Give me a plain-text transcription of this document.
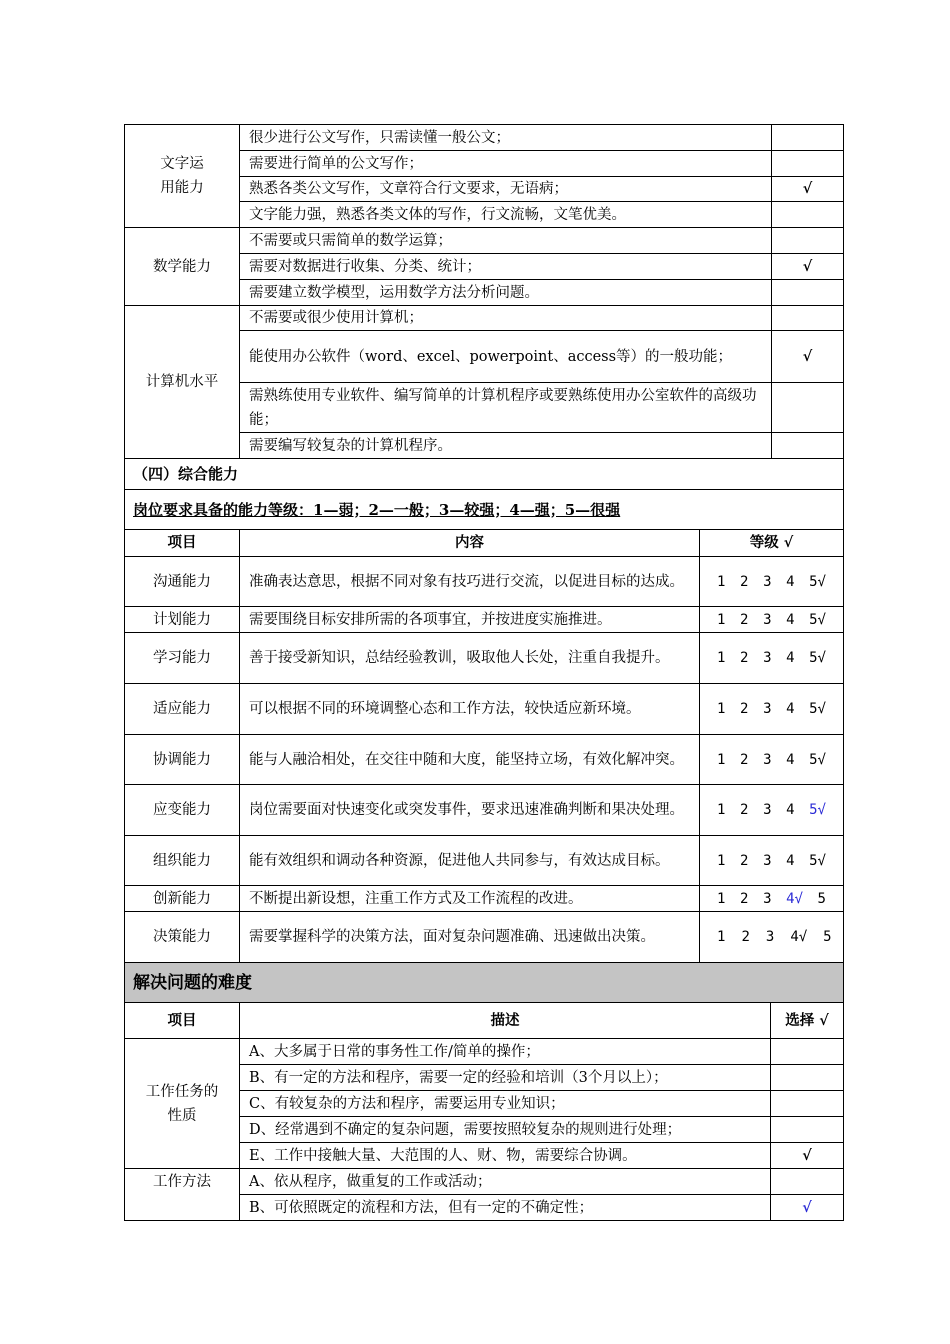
文字运
用能力	很少进行公文写作，只需读懂一般公文；		
	需要进行简单的公文写作；		
	熟悉各类公文写作，文章符合行文要求，无语病；		√
	文字能力强，熟悉各类文体的写作，行文流畅，文笔优美。		
数学能力	不需要或只需简单的数学运算；		
	需要对数据进行收集、分类、统计；		√
	需要建立数学模型，运用数学方法分析问题。		
计算机水平	不需要或很少使用计算机；		
	能使用办公软件（word、excel、powerpoint、access等）的一般功能；		√
	需熟练使用专业软件、编写简单的计算机程序或要熟练使用办公室软件的高级功能；		
	需要编写较复杂的计算机程序。		
（四）综合能力			
岗位要求具备的能力等级：1—弱；2—一般；3—较强；4—强；5—很强			
项目	内容	等级 √	
沟通能力	准确表达意思，根据不同对象有技巧进行交流，以促进目标的达成。	1 2 3 4 5√	

计划能力	需要围绕目标安排所需的各项事宜，并按进度实施推进。	1 2 3 4 5√	

学习能力	善于接受新知识，总结经验教训，吸取他人长处，注重自我提升。	1 2 3 4 5√	

适应能力	可以根据不同的环境调整心态和工作方法，较快适应新环境。	1 2 3 4 5√	

协调能力	能与人融洽相处，在交往中随和大度，能坚持立场，有效化解冲突。	1 2 3 4 5√	

应变能力	岗位需要面对快速变化或突发事件，要求迅速准确判断和果决处理。	1 2 3 4 5√	

组织能力	能有效组织和调动各种资源，促进他人共同参与，有效达成目标。	1 2 3 4 5√	

创新能力	不断提出新设想，注重工作方式及工作流程的改进。	1 2 3 4√ 5	

决策能力	需要掌握科学的决策方法，面对复杂问题准确、迅速做出决策。	1 2 3 4√ 5	

解决问题的难度			
项目	描述	选择 √
工作任务的
性质	A、大多属于日常的事务性工作/简单的操作；	
	B、有一定的方法和程序，需要一定的经验和培训（3个月以上）；	
	C、有较复杂的方法和程序，需要运用专业知识；	
	D、经常遇到不确定的复杂问题，需要按照较复杂的规则进行处理；	
	E、工作中接触大量、大范围的人、财、物，需要综合协调。	√
工作方法	A、依从程序，做重复的工作或活动；	
	B、可依照既定的流程和方法，但有一定的不确定性；	√
